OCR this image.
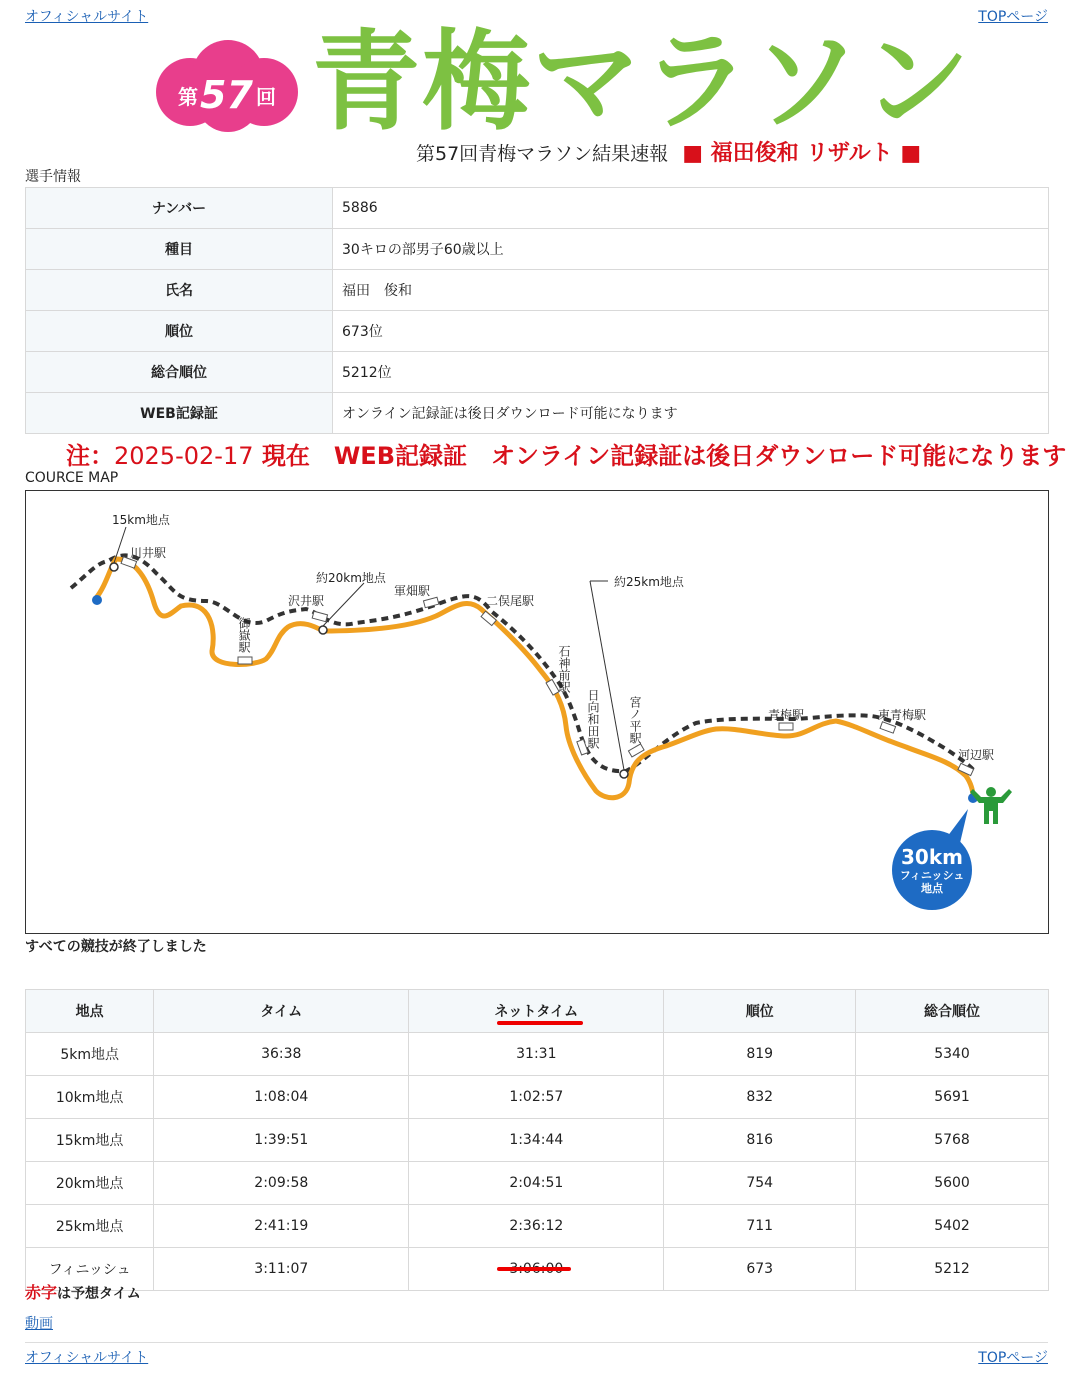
オフィシャルサイト	TOPページ
第 57 回 青梅マラソン
第57回青梅マラソン結果速報 ■ 福田俊和 リザルト ■
選手情報
ナンバー	5886
種目	30キロの部男子60歳以上
氏名	福田　俊和
順位	673位
総合順位	5212位
WEB記録証	オンライン記録証は後日ダウンロード可能になります
注：2025-02-17 現在　WEB記録証　オンライン記録証は後日ダウンロード可能になります
COURCE MAP
15km地点
川井駅
沢井駅
約20km地点
軍畑駅
二俣尾駅
約25km地点
青梅駅	東青梅駅
河辺駅
御嶽駅
石神前駅
日向和田駅 宮ノ平駅
30km
フィニッシュ
地点
すべての競技が終了しました
地点	タイム	ネットタイム	順位	総合順位
5km地点	36:38	31:31	819	5340
10km地点	1:08:04	1:02:57	832	5691
15km地点	1:39:51	1:34:44	816	5768
20km地点	2:09:58	2:04:51	754	5600
25km地点	2:41:19	2:36:12	711	5402
フィニッシュ	3:11:07		673	5212
赤字は予想タイム
動画
オフィシャルサイト	TOPページ
